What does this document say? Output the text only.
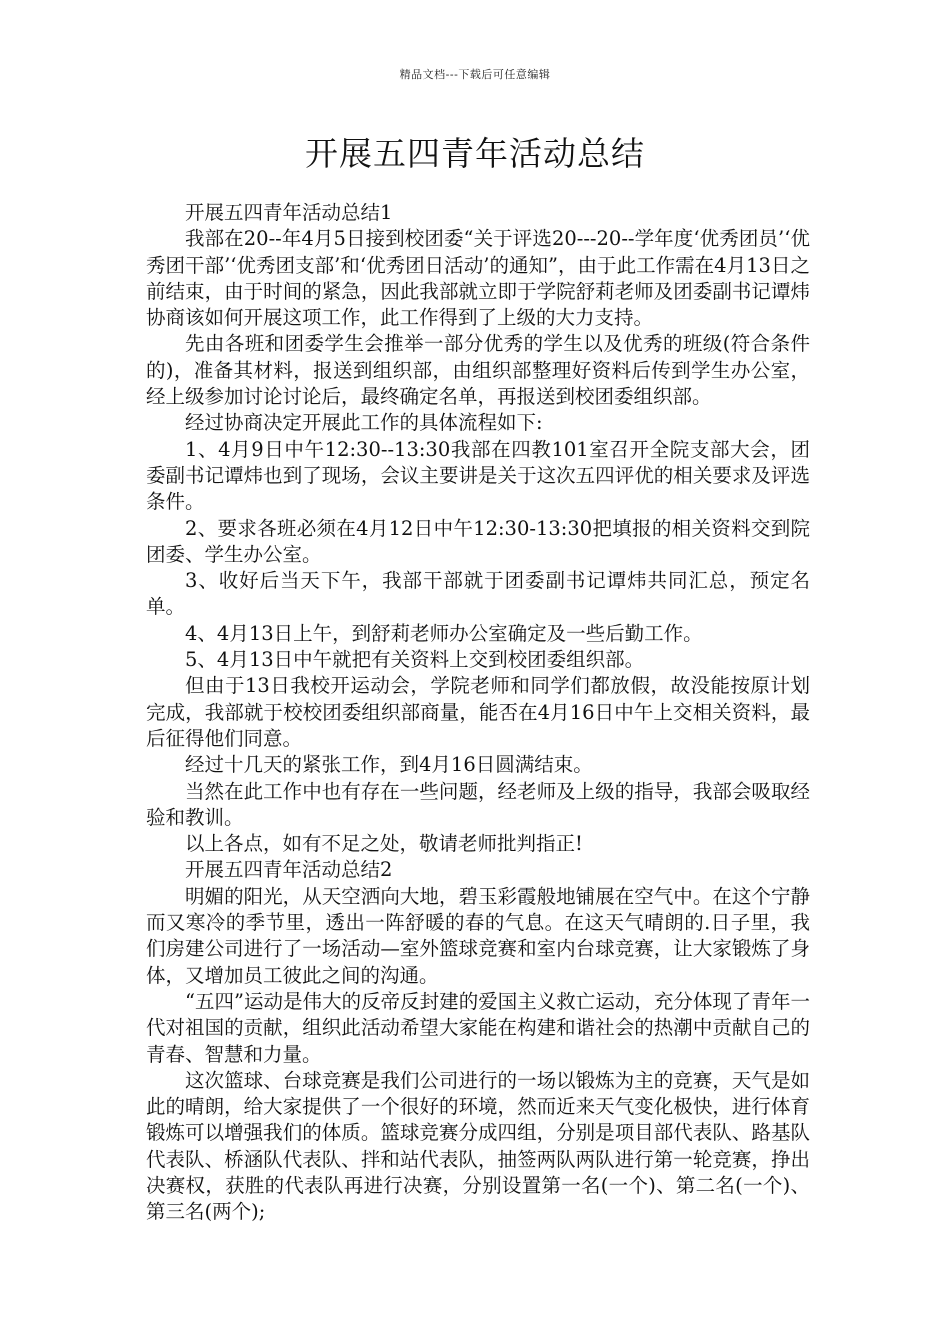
精品文档---下载后可任意编辑
开展五四青年活动总结

开展五四青年活动总结1

我部在20--年4月5日接到校团委“关于评选20---20--学年度‘优秀团员’‘优秀团干部’‘优秀团支部’和‘优秀团日活动’的通知”，由于此工作需在4月13日之前结束，由于时间的紧急，因此我部就立即于学院舒莉老师及团委副书记谭炜协商该如何开展这项工作，此工作得到了上级的大力支持。

先由各班和团委学生会推举一部分优秀的学生以及优秀的班级(符合条件的)，准备其材料，报送到组织部，由组织部整理好资料后传到学生办公室，经上级参加讨论讨论后，最终确定名单，再报送到校团委组织部。

经过协商决定开展此工作的具体流程如下:

1、4月9日中午12:30--13:30我部在四教101室召开全院支部大会，团委副书记谭炜也到了现场，会议主要讲是关于这次五四评优的相关要求及评选条件。

2、要求各班必须在4月12日中午12:30-13:30把填报的相关资料交到院团委、学生办公室。

3、收好后当天下午，我部干部就于团委副书记谭炜共同汇总，预定名单。

4、4月13日上午，到舒莉老师办公室确定及一些后勤工作。

5、4月13日中午就把有关资料上交到校团委组织部。

但由于13日我校开运动会，学院老师和同学们都放假，故没能按原计划完成，我部就于校校团委组织部商量，能否在4月16日中午上交相关资料，最后征得他们同意。

经过十几天的紧张工作，到4月16日圆满结束。

当然在此工作中也有存在一些问题，经老师及上级的指导，我部会吸取经验和教训。

以上各点，如有不足之处，敬请老师批判指正!

开展五四青年活动总结2

明媚的阳光，从天空洒向大地，碧玉彩霞般地铺展在空气中。在这个宁静而又寒冷的季节里，透出一阵舒暖的春的气息。在这天气晴朗的.日子里，我们房建公司进行了一场活动—室外篮球竞赛和室内台球竞赛，让大家锻炼了身体，又增加员工彼此之间的沟通。

“五四”运动是伟大的反帝反封建的爱国主义救亡运动，充分体现了青年一代对祖国的贡献，组织此活动希望大家能在构建和谐社会的热潮中贡献自己的青春、智慧和力量。

这次篮球、台球竞赛是我们公司进行的一场以锻炼为主的竞赛，天气是如此的晴朗，给大家提供了一个很好的环境，然而近来天气变化极快，进行体育锻炼可以增强我们的体质。篮球竞赛分成四组，分别是项目部代表队、路基队代表队、桥涵队代表队、拌和站代表队，抽签两队两队进行第一轮竞赛，挣出决赛权，获胜的代表队再进行决赛，分别设置第一名(一个)、第二名(一个)、第三名(两个);
